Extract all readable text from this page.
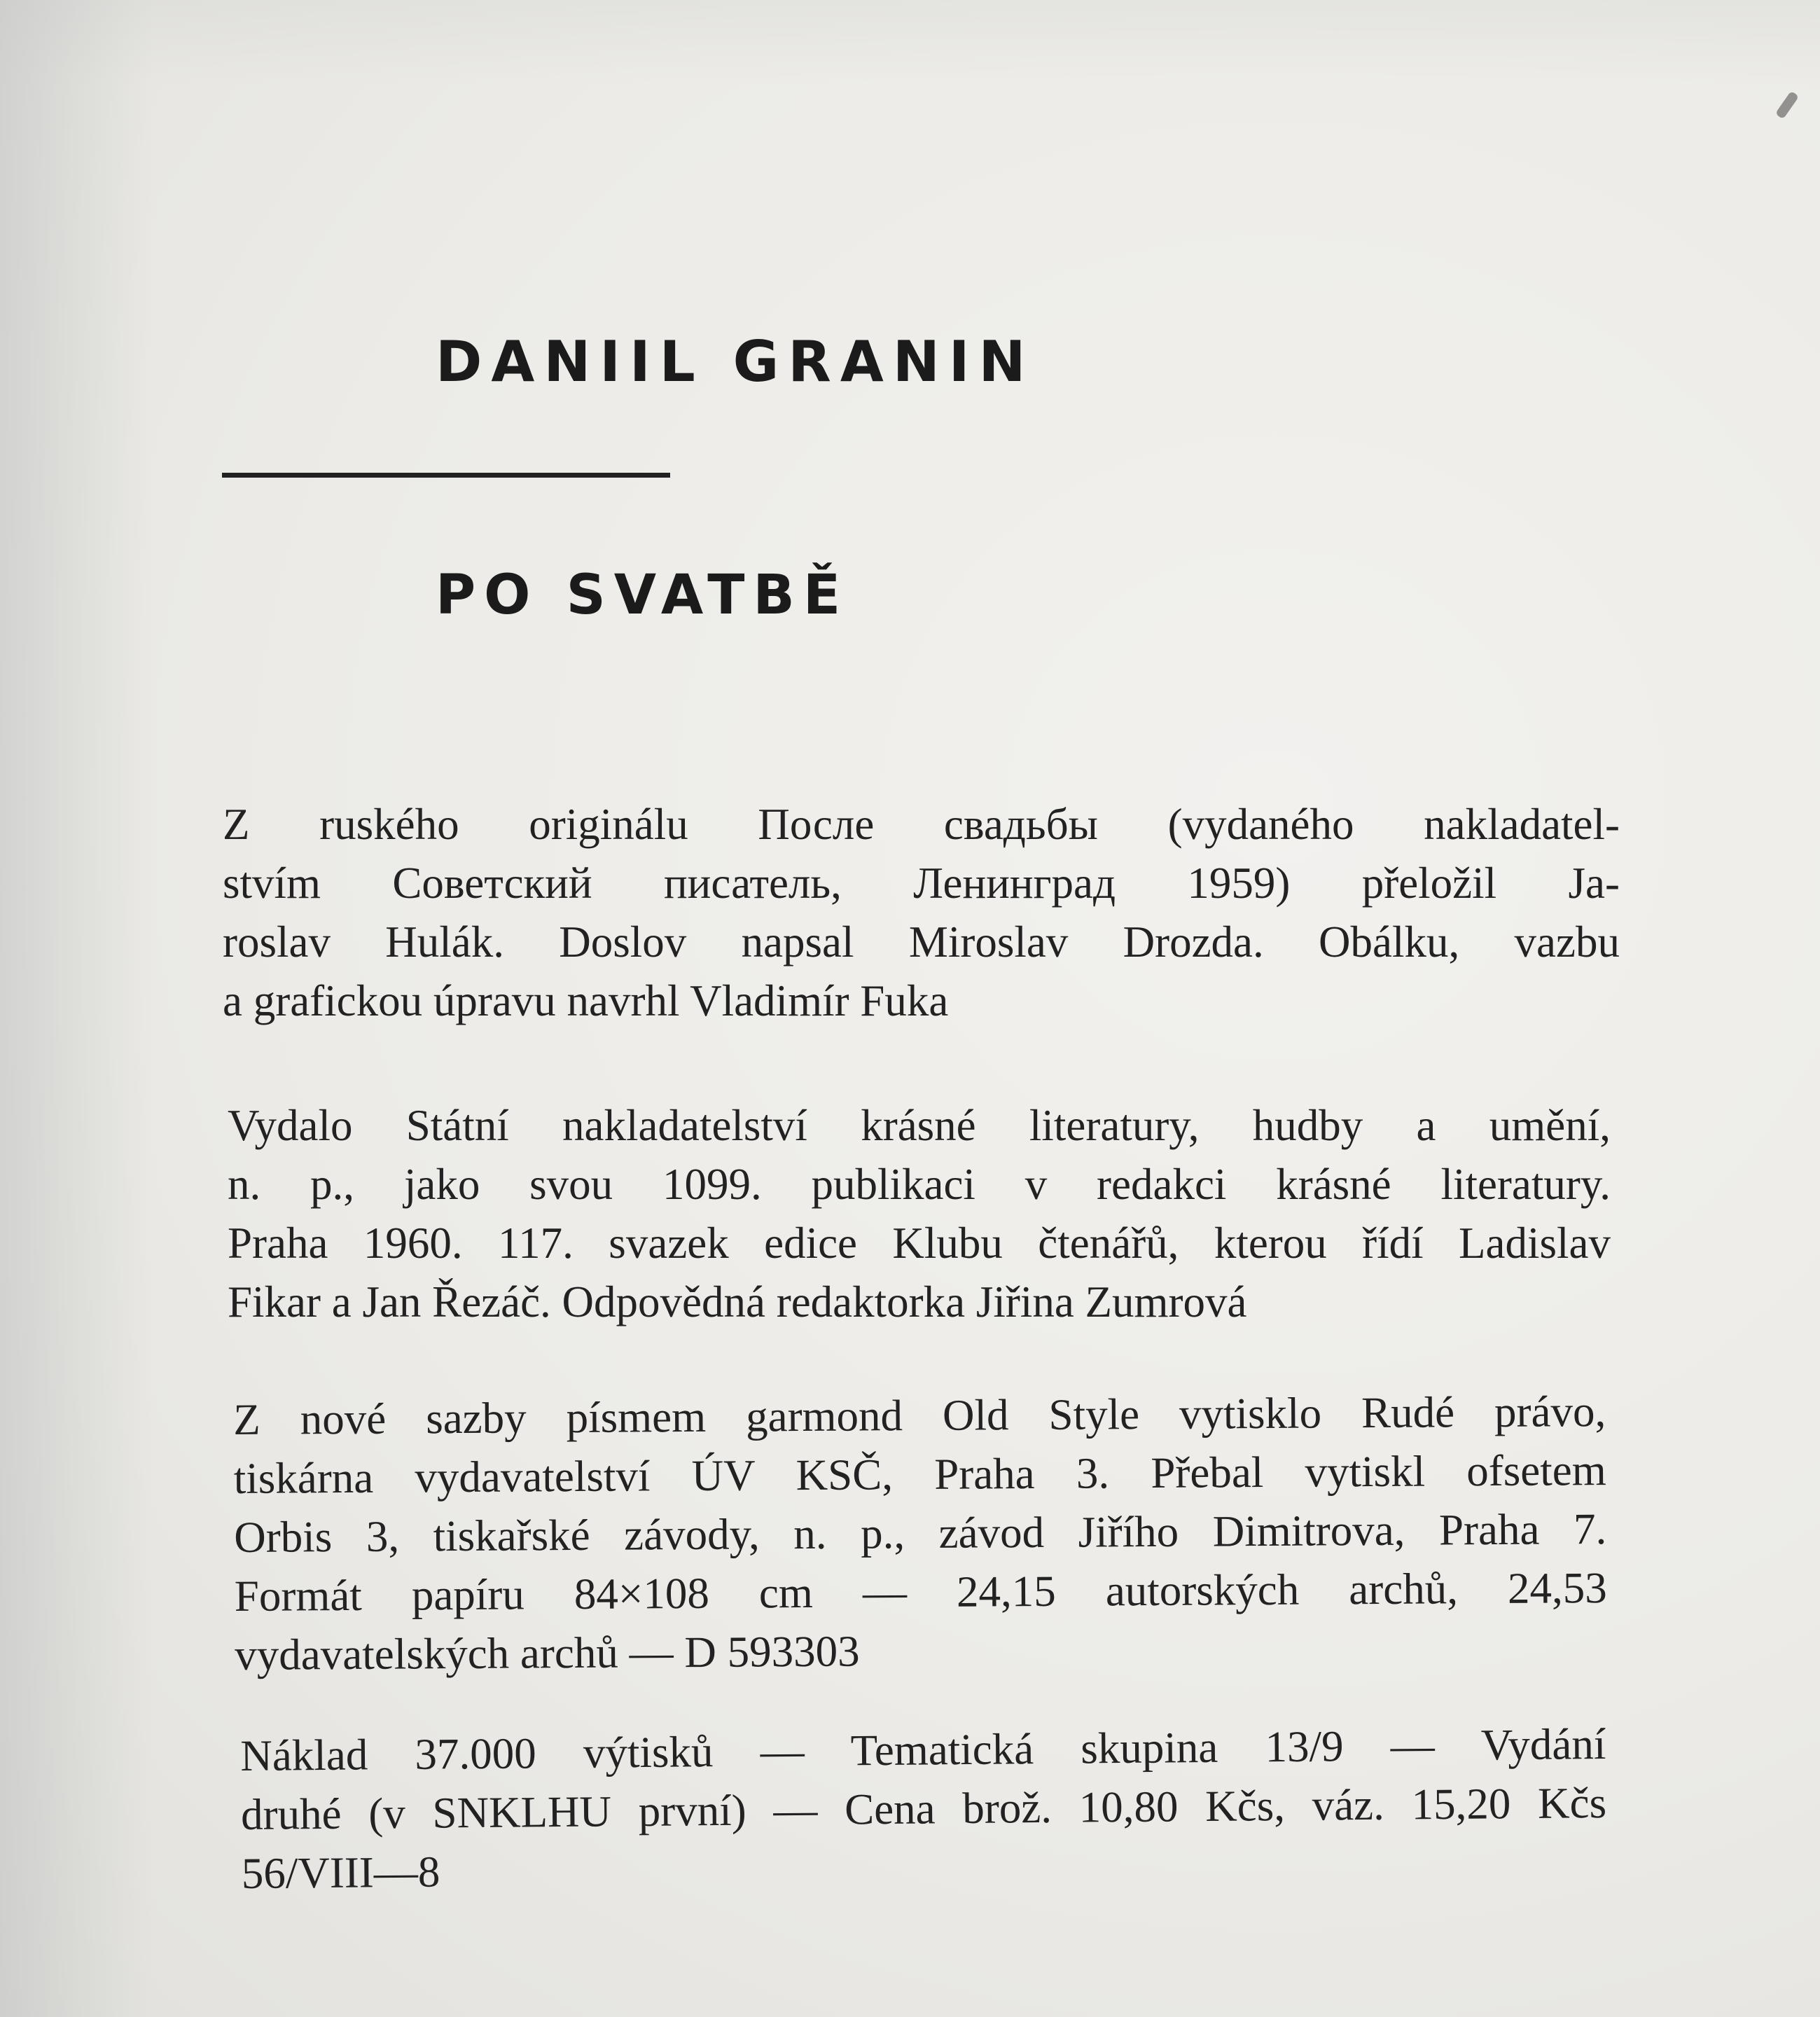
DANIIL GRANIN
PO SVATBĚ

Z ruského originálu После свадьбы (vydaného nakladatel-
stvím Советский писатель, Ленинград 1959) přeložil Ja-
roslav Hulák. Doslov napsal Miroslav Drozda. Obálku, vazbu
a grafickou úpravu navrhl Vladimír Fuka

Vydalo Státní nakladatelství krásné literatury, hudby a umění,
n. p., jako svou 1099. publikaci v redakci krásné literatury.
Praha 1960. 117. svazek edice Klubu čtenářů, kterou řídí Ladislav
Fikar a Jan Řezáč. Odpovědná redaktorka Jiřina Zumrová

Z nové sazby písmem garmond Old Style vytisklo Rudé právo,
tiskárna vydavatelství ÚV KSČ, Praha 3. Přebal vytiskl ofsetem
Orbis 3, tiskařské závody, n. p., závod Jiřího Dimitrova, Praha 7.
Formát papíru 84×108 cm — 24,15 autorských archů, 24,53
vydavatelských archů — D 593303

Náklad 37.000 výtisků — Tematická skupina 13/9 — Vydání
druhé (v SNKLHU první) — Cena brož. 10,80 Kčs, váz. 15,20 Kčs
56/VIII—8
